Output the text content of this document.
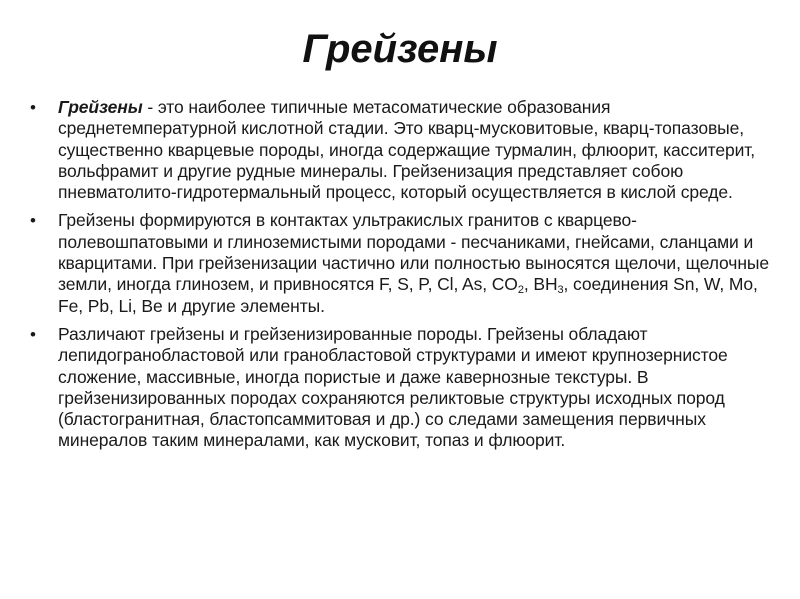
Грейзены
• Грейзены - это наиболее типичные метасоматические образования среднетемпературной кислотной стадии. Это кварц-мусковитовые, кварц-топазовые, существенно кварцевые породы, иногда содержащие турмалин, флюорит, касситерит, вольфрамит и другие рудные минералы. Грейзенизация представляет собою пневматолито-гидротермальный процесс, который осуществляется в кислой среде.
• Грейзены формируются в контактах ультракислых гранитов с кварцево-полевошпатовыми и глиноземистыми породами - песчаниками, гнейсами, сланцами и кварцитами. При грейзенизации частично или полностью выносятся щелочи, щелочные земли, иногда глинозем, и привносятся F, S, P, Cl, As, $CO_2$, $BH_3$, соединения Sn, W, Mo, Fe, Pb, Li, Be и другие элементы.
• Различают грейзены и грейзенизированные породы. Грейзены обладают лепидогранобластовой или гранобластовой структурами и имеют крупнозернистое сложение, массивные, иногда пористые и даже кавернозные текстуры. В грейзенизированных породах сохраняются реликтовые структуры исходных пород (бластогранитная, бластопсаммитовая и др.) со следами замещения первичных минералов таким минералами, как мусковит, топаз и флюорит.
